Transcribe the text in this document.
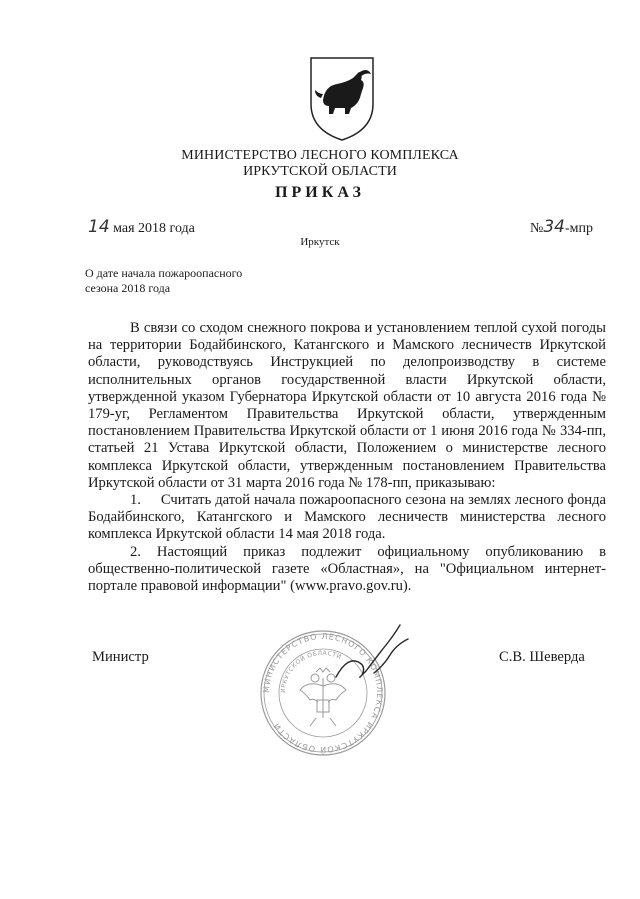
МИНИСТЕРСТВО ЛЕСНОГО КОМПЛЕКСА
ИРКУТСКОЙ ОБЛАСТИ
ПРИКАЗ
14 мая 2018 года	№34-мпр
Иркутск
О дате начала пожароопасного
сезона 2018 года

В связи со сходом снежного покрова и установлением теплой сухой погоды на территории Бодайбинского, Катангского и Мамского лесничеств Иркутской области, руководствуясь Инструкцией по делопроизводству в системе исполнительных органов государственной власти Иркутской области, утвержденной указом Губернатора Иркутской области от 10 августа 2016 года № 179-уг, Регламентом Правительства Иркутской области, утвержденным постановлением Правительства Иркутской области от 1 июня 2016 года № 334-пп, статьей 21 Устава Иркутской области, Положением о министерстве лесного комплекса Иркутской области, утвержденным постановлением Правительства Иркутской области от 31 марта 2016 года № 178-пп, приказываю:

1.     Считать датой начала пожароопасного сезона на землях лесного фонда Бодайбинского, Катангского и Мамского лесничеств министерства лесного комплекса Иркутской области 14 мая 2018 года.

2. Настоящий приказ подлежит официальному опубликованию в общественно-политической газете «Областная», на "Официальном интернет-портале правовой информации" (www.pravo.gov.ru).

Министр	С.В. Шеверда
МИНИСТЕРСТВО ЛЕСНОГО КОМПЛЕКСА ИРКУТСКОЙ ОБЛАСТИ
ИРКУТСКОЙ ОБЛАСТИ
